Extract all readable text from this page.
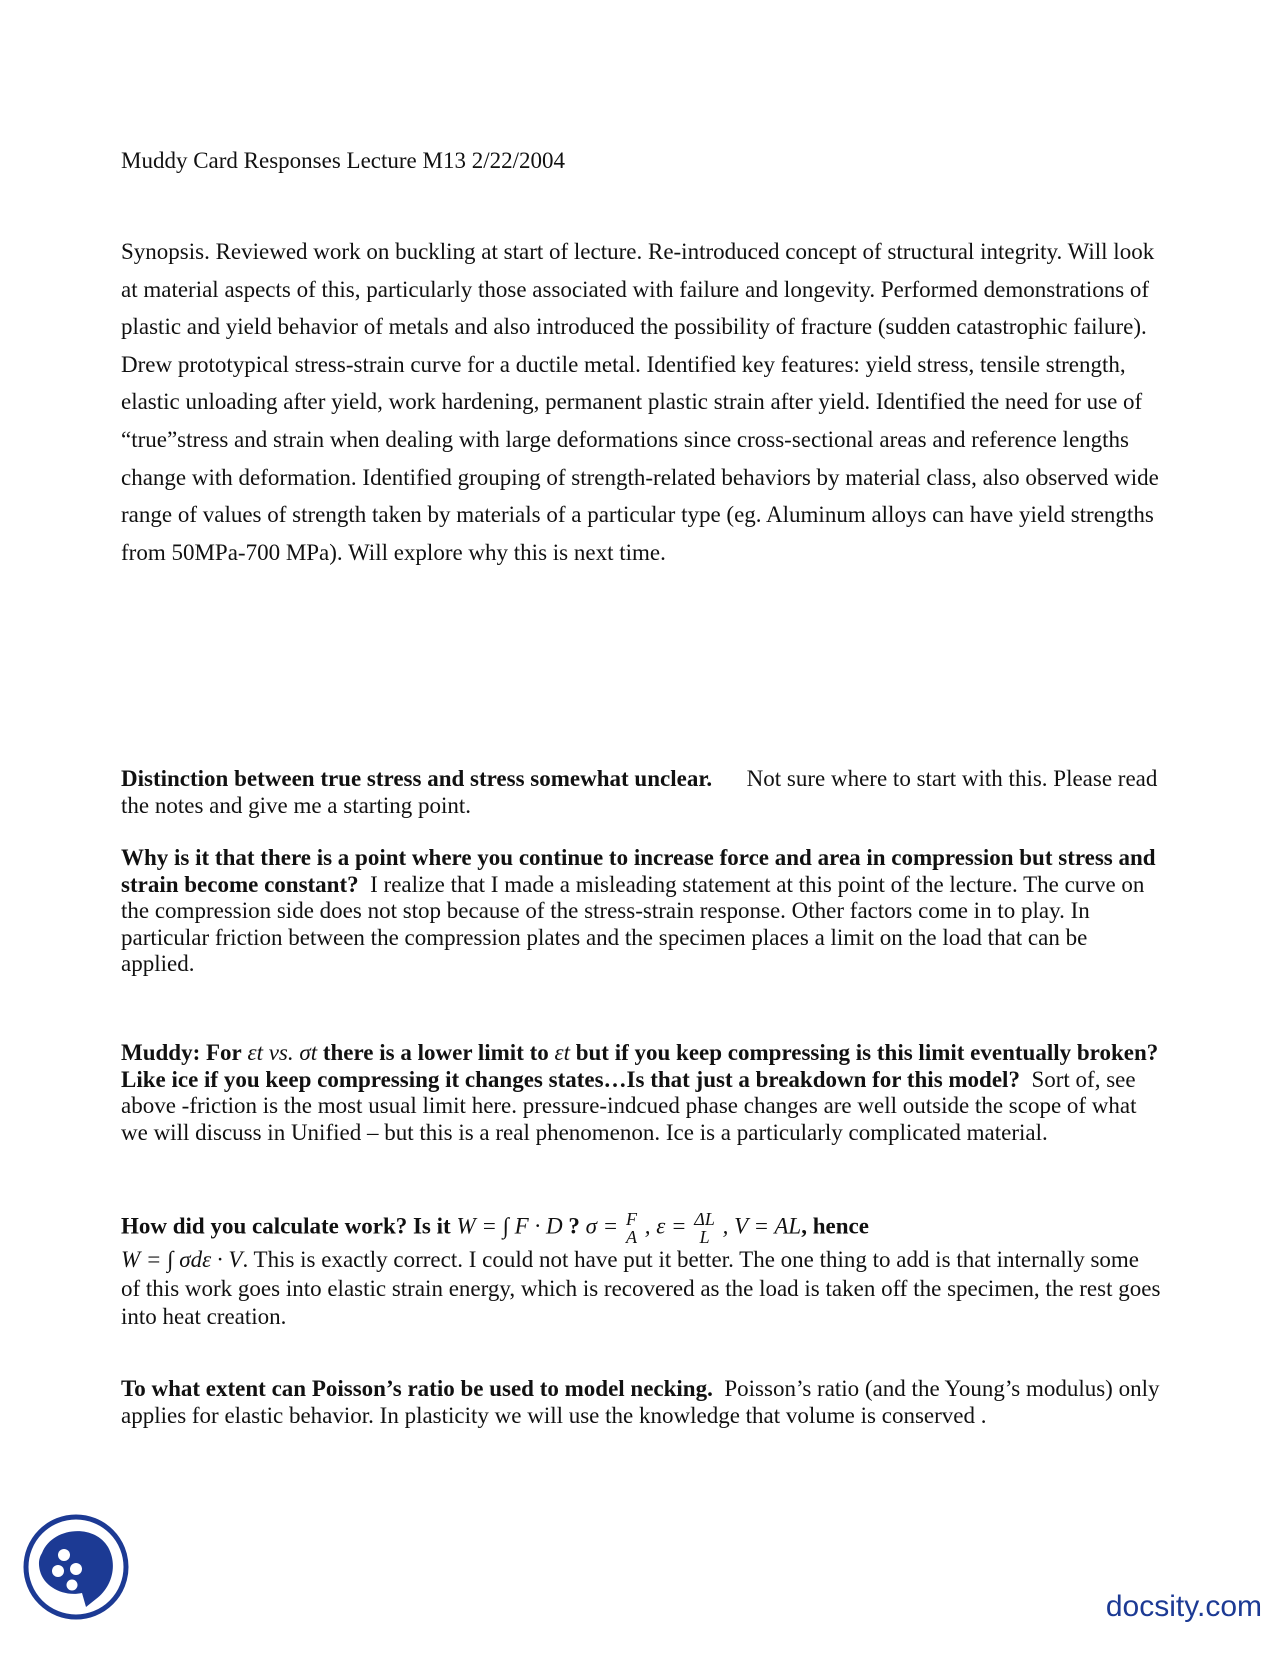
Muddy Card Responses Lecture M13 2/22/2004
Synopsis. Reviewed work on buckling at start of lecture. Re-introduced concept of structural integrity. Will look at material aspects of this, particularly those associated with failure and longevity. Performed demonstrations of plastic and yield behavior of metals and also introduced the possibility of fracture (sudden catastrophic failure). Drew prototypical stress-strain curve for a ductile metal. Identified key features: yield stress, tensile strength, elastic unloading after yield, work hardening, permanent plastic strain after yield. Identified the need for use of “true”stress and strain when dealing with large deformations since cross-sectional areas and reference lengths change with deformation. Identified grouping of strength-related behaviors by material class, also observed wide range of values of strength taken by materials of a particular type (eg. Aluminum alloys can have yield strengths from 50MPa-700 MPa). Will explore why this is next time.
Distinction between true stress and stress somewhat unclear. Not sure where to start with this. Please read the notes and give me a starting point.
Why is it that there is a point where you continue to increase force and area in compression but stress and strain become constant? I realize that I made a misleading statement at this point of the lecture. The curve on the compression side does not stop because of the stress-strain response. Other factors come in to play. In particular friction between the compression plates and the specimen places a limit on the load that can be applied.
Muddy: For εt vs. σt there is a lower limit to εt but if you keep compressing is this limit eventually broken? Like ice if you keep compressing it changes states…Is that just a breakdown for this model? Sort of, see above -friction is the most usual limit here. pressure-indcued phase changes are well outside the scope of what we will discuss in Unified – but this is a real phenomenon. Ice is a particularly complicated material.
How did you calculate work? Is it W = ∫ F · D ? σ = F
A , ε = ΔL
L , V = AL, hence
W = ∫ σdε · V. This is exactly correct. I could not have put it better. The one thing to add is that internally some of this work goes into elastic strain energy, which is recovered as the load is taken off the specimen, the rest goes into heat creation.
To what extent can Poisson’s ratio be used to model necking. Poisson’s ratio (and the Young’s modulus) only applies for elastic behavior. In plasticity we will use the knowledge that volume is conserved .
docsity.com
